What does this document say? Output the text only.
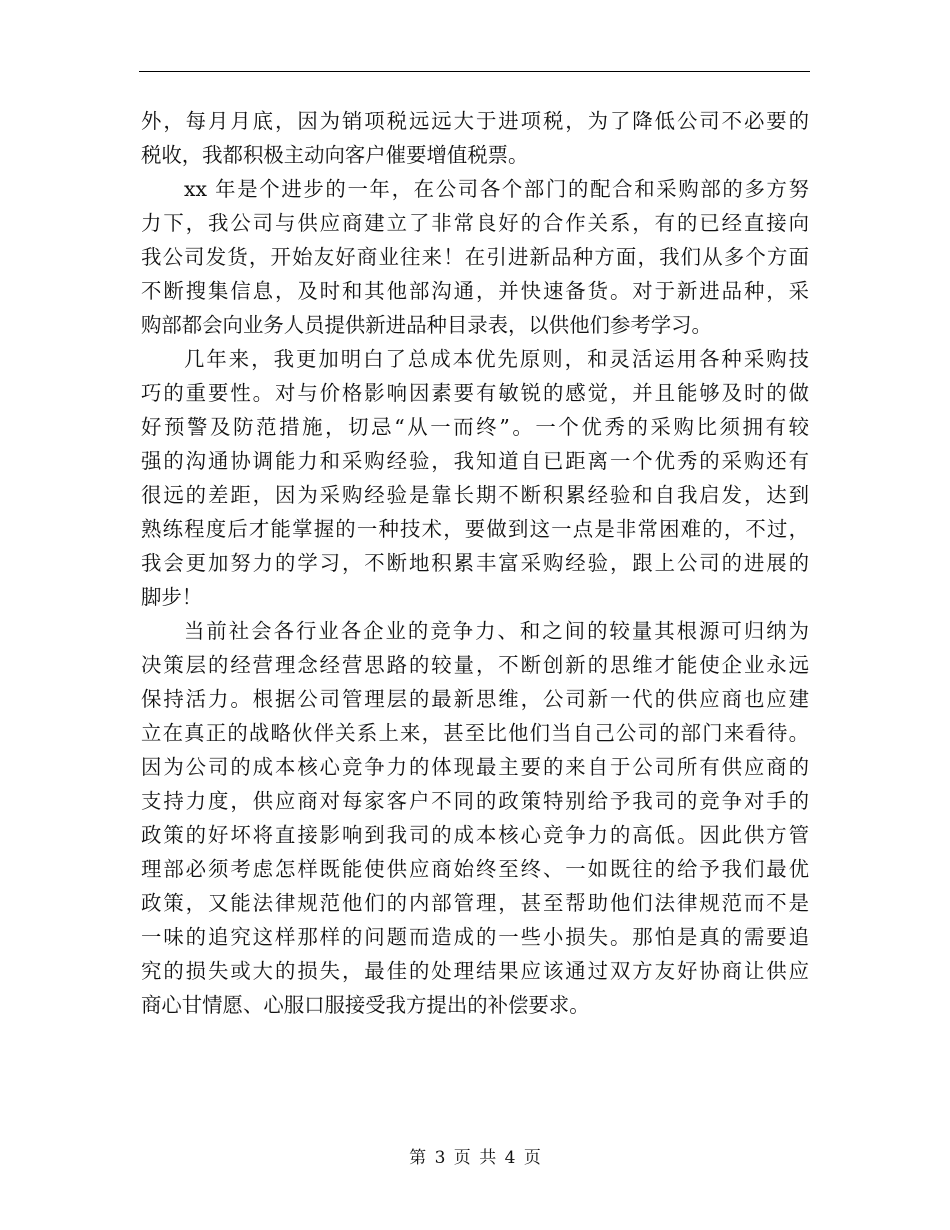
外，每月月底，因为销项税远远大于进项税，为了降低公司不必要的
税收，我都积极主动向客户催要增值税票。
xx 年是个进步的一年，在公司各个部门的配合和采购部的多方努
力下，我公司与供应商建立了非常良好的合作关系，有的已经直接向
我公司发货，开始友好商业往来！在引进新品种方面，我们从多个方面
不断搜集信息，及时和其他部沟通，并快速备货。对于新进品种，采
购部都会向业务人员提供新进品种目录表，以供他们参考学习。
几年来，我更加明白了总成本优先原则，和灵活运用各种采购技
巧的重要性。对与价格影响因素要有敏锐的感觉，并且能够及时的做
好预警及防范措施，切忌“从一而终”。一个优秀的采购比须拥有较
强的沟通协调能力和采购经验，我知道自已距离一个优秀的采购还有
很远的差距，因为采购经验是靠长期不断积累经验和自我启发，达到
熟练程度后才能掌握的一种技术，要做到这一点是非常困难的，不过，
我会更加努力的学习，不断地积累丰富采购经验，跟上公司的进展的
脚步！
当前社会各行业各企业的竞争力、和之间的较量其根源可归纳为
决策层的经营理念经营思路的较量，不断创新的思维才能使企业永远
保持活力。根据公司管理层的最新思维，公司新一代的供应商也应建
立在真正的战略伙伴关系上来，甚至比他们当自己公司的部门来看待。
因为公司的成本核心竞争力的体现最主要的来自于公司所有供应商的
支持力度，供应商对每家客户不同的政策特别给予我司的竞争对手的
政策的好坏将直接影响到我司的成本核心竞争力的高低。因此供方管
理部必须考虑怎样既能使供应商始终至终、一如既往的给予我们最优
政策，又能法律规范他们的内部管理，甚至帮助他们法律规范而不是
一味的追究这样那样的问题而造成的一些小损失。那怕是真的需要追
究的损失或大的损失，最佳的处理结果应该通过双方友好协商让供应
商心甘情愿、心服口服接受我方提出的补偿要求。
第 3 页 共 4 页
